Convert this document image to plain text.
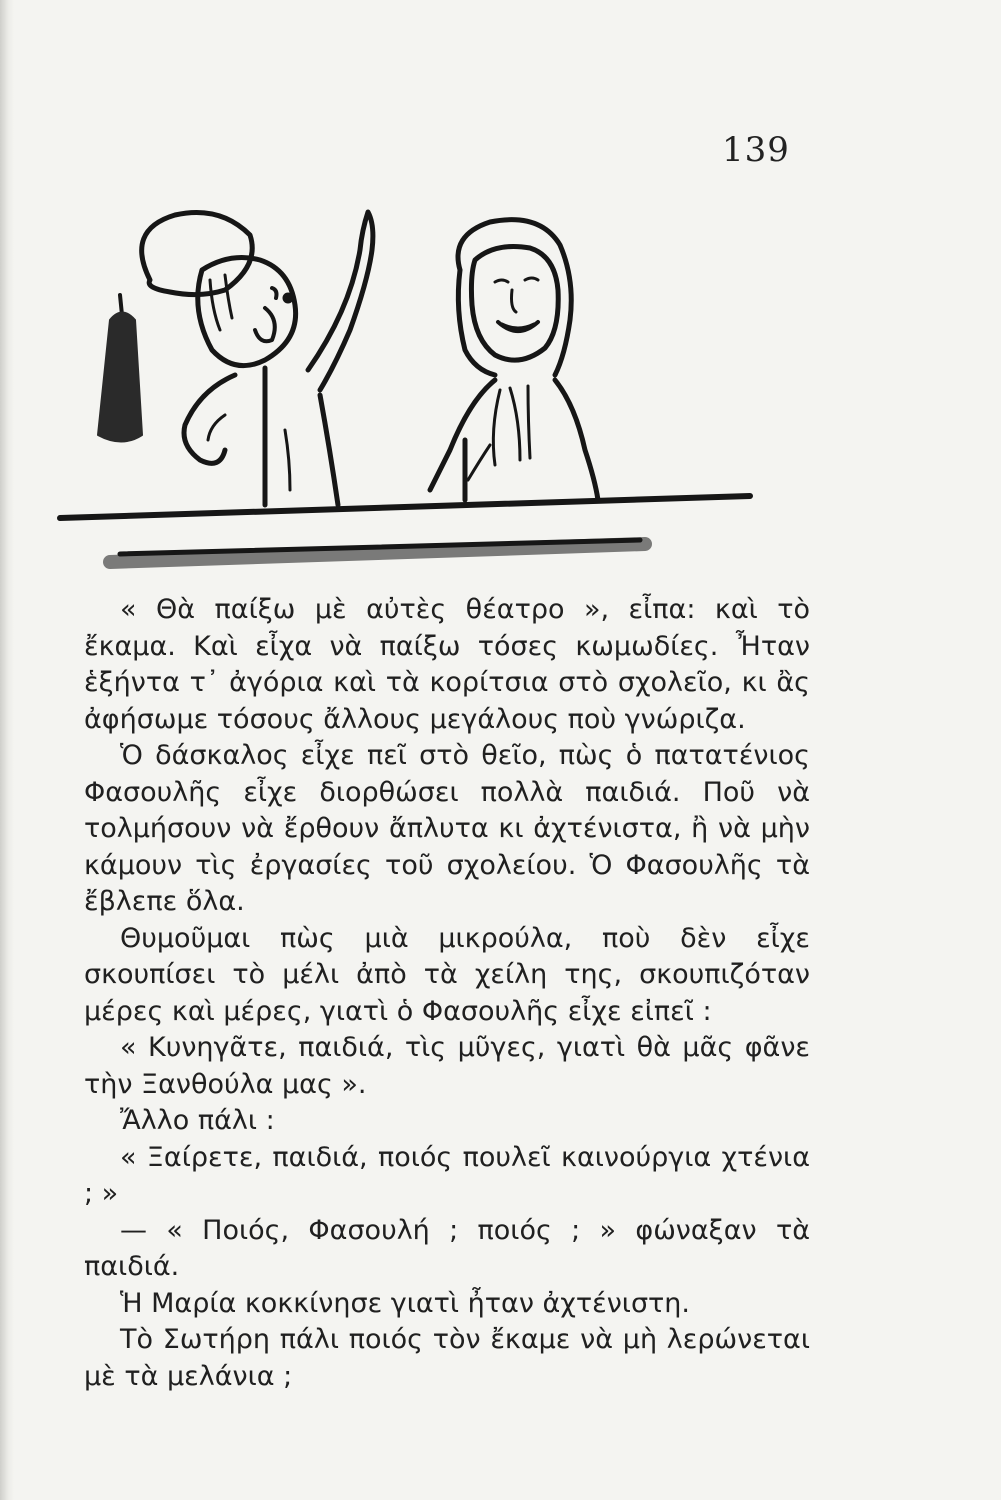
139

« Θὰ παίξω μὲ αὐτὲς θέατρο », εἶπα: καὶ τὸ ἔκαμα. Καὶ εἶχα νὰ παίξω τόσες κωμωδίες. Ἦταν ἑξήντα τ᾽ ἀγόρια καὶ τὰ κορίτσια στὸ σχολεῖο, κι ἂς ἀφήσωμε τόσους ἄλλους μεγάλους ποὺ γνώριζα.

Ὁ δάσκαλος εἶχε πεῖ στὸ θεῖο, πὼς ὁ πατατένιος Φασουλῆς εἶχε διορθώσει πολλὰ παιδιά. Ποῦ νὰ τολμήσουν νὰ ἔρθουν ἄπλυτα κι ἀχτένιστα, ἢ νὰ μὴν κάμουν τὶς ἐργασίες τοῦ σχολείου. Ὁ Φασουλῆς τὰ ἔβλεπε ὅλα.

Θυμοῦμαι πὼς μιὰ μικρούλα, ποὺ δὲν εἶχε σκουπίσει τὸ μέλι ἀπὸ τὰ χείλη της, σκουπιζόταν μέρες καὶ μέρες, γιατὶ ὁ Φασουλῆς εἶχε εἰπεῖ :

« Κυνηγᾶτε, παιδιά, τὶς μῦγες, γιατὶ θὰ μᾶς φᾶνε τὴν Ξανθούλα μας ».

Ἄλλο πάλι :

« Ξαίρετε, παιδιά, ποιός πουλεῖ καινούργια χτένια ; »

— « Ποιός, Φασουλή ; ποιός ; » φώναξαν τὰ παιδιά.

Ἡ Μαρία κοκκίνησε γιατὶ ἦταν ἀχτένιστη.

Τὸ Σωτήρη πάλι ποιός τὸν ἔκαμε νὰ μὴ λερώνεται μὲ τὰ μελάνια ;
